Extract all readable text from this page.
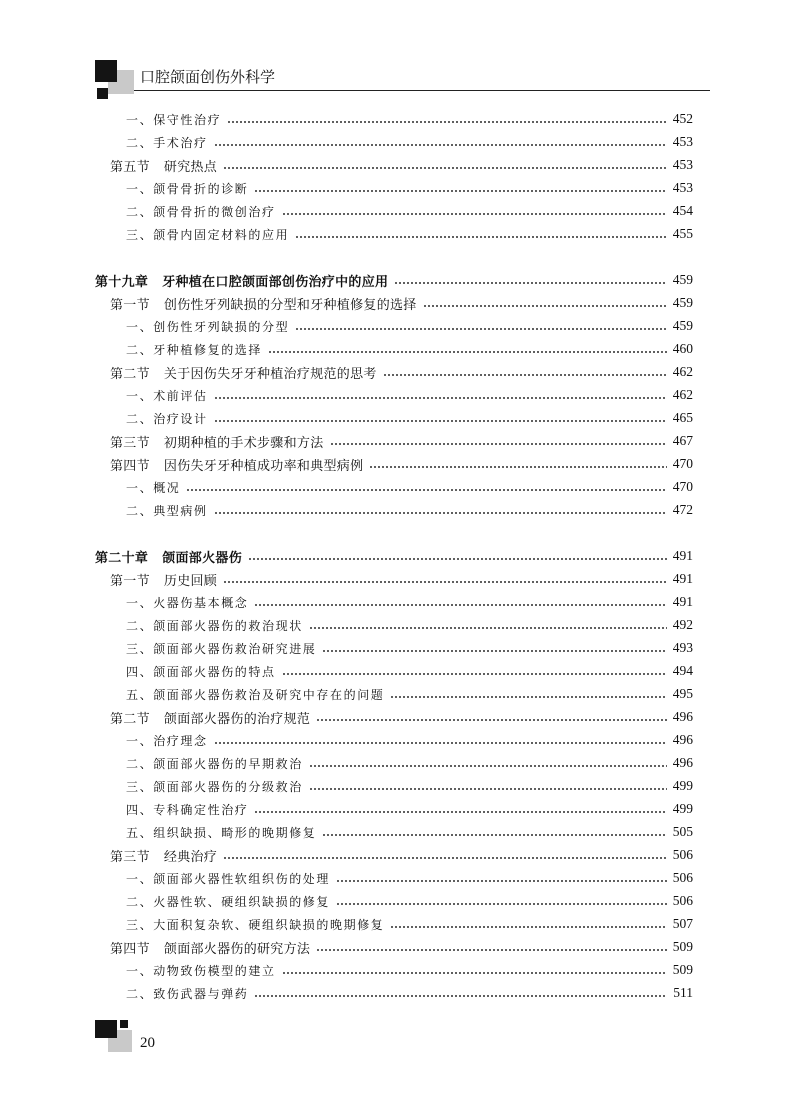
口腔颌面创伤外科学
一、保守性治疗	452
二、手术治疗	453
第五节 研究热点	453
一、颌骨骨折的诊断	453
二、颌骨骨折的微创治疗	454
三、颌骨内固定材料的应用	455
第十九章 牙种植在口腔颌面部创伤治疗中的应用	459
第一节 创伤性牙列缺损的分型和牙种植修复的选择	459
一、创伤性牙列缺损的分型	459
二、牙种植修复的选择	460
第二节 关于因伤失牙牙种植治疗规范的思考	462
一、术前评估	462
二、治疗设计	465
第三节 初期种植的手术步骤和方法	467
第四节 因伤失牙牙种植成功率和典型病例	470
一、概况	470
二、典型病例	472
第二十章 颌面部火器伤	491
第一节 历史回顾	491
一、火器伤基本概念	491
二、颌面部火器伤的救治现状	492
三、颌面部火器伤救治研究进展	493
四、颌面部火器伤的特点	494
五、颌面部火器伤救治及研究中存在的问题	495
第二节 颌面部火器伤的治疗规范	496
一、治疗理念	496
二、颌面部火器伤的早期救治	496
三、颌面部火器伤的分级救治	499
四、专科确定性治疗	499
五、组织缺损、畸形的晚期修复	505
第三节 经典治疗	506
一、颌面部火器性软组织伤的处理	506
二、火器性软、硬组织缺损的修复	506
三、大面积复杂软、硬组织缺损的晚期修复	507
第四节 颌面部火器伤的研究方法	509
一、动物致伤模型的建立	509
二、致伤武器与弹药	511
20
